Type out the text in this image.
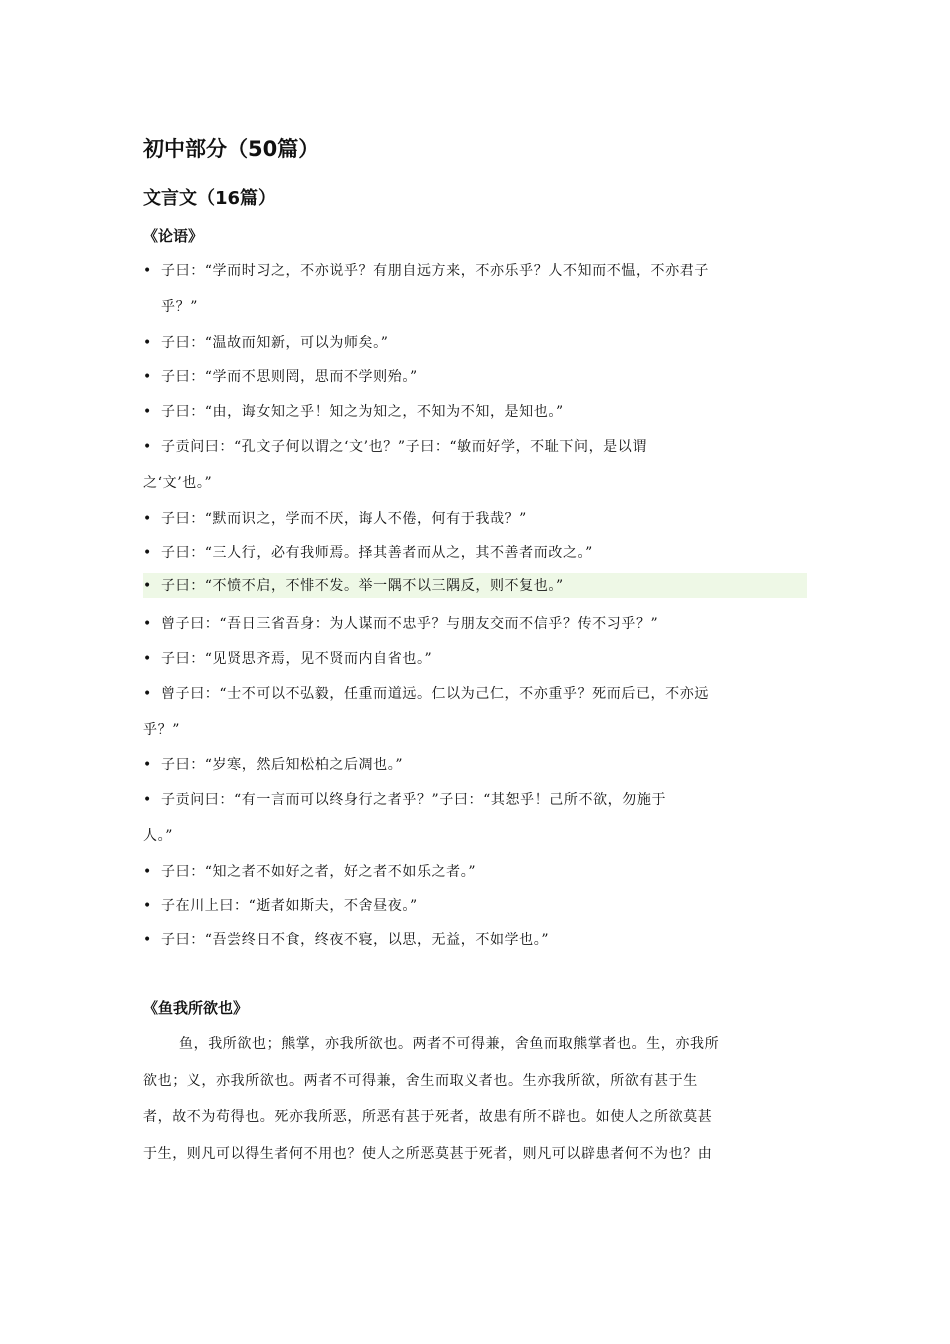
初中部分（50篇）
文言文（16篇）
《论语》
• 子曰：“学而时习之，不亦说乎？有朋自远方来，不亦乐乎？人不知而不愠，不亦君子
乎？”
• 子曰：“温故而知新，可以为师矣。”
• 子曰：“学而不思则罔，思而不学则殆。”
• 子曰：“由，诲女知之乎！知之为知之，不知为不知，是知也。”
• 子贡问曰：“孔文子何以谓之‘文’也？”子曰：“敏而好学，不耻下问，是以谓
之‘文’也。”
• 子曰：“默而识之，学而不厌，诲人不倦，何有于我哉？”
• 子曰：“三人行，必有我师焉。择其善者而从之，其不善者而改之。”
• 子曰：“不愤不启，不悱不发。举一隅不以三隅反，则不复也。”
• 曾子曰：“吾日三省吾身：为人谋而不忠乎？与朋友交而不信乎？传不习乎？”
• 子曰：“见贤思齐焉，见不贤而内自省也。”
• 曾子曰：“士不可以不弘毅，任重而道远。仁以为己仁，不亦重乎？死而后已，不亦远
乎？”
• 子曰：“岁寒，然后知松柏之后凋也。”
• 子贡问曰：“有一言而可以终身行之者乎？”子曰：“其恕乎！己所不欲，勿施于
人。”
• 子曰：“知之者不如好之者，好之者不如乐之者。”
• 子在川上曰：“逝者如斯夫，不舍昼夜。”
• 子曰：“吾尝终日不食，终夜不寝，以思，无益，不如学也。”
《鱼我所欲也》
鱼，我所欲也；熊掌，亦我所欲也。两者不可得兼，舍鱼而取熊掌者也。生，亦我所
欲也；义，亦我所欲也。两者不可得兼，舍生而取义者也。生亦我所欲，所欲有甚于生
者，故不为苟得也。死亦我所恶，所恶有甚于死者，故患有所不辟也。如使人之所欲莫甚
于生，则凡可以得生者何不用也？使人之所恶莫甚于死者，则凡可以辟患者何不为也？由
